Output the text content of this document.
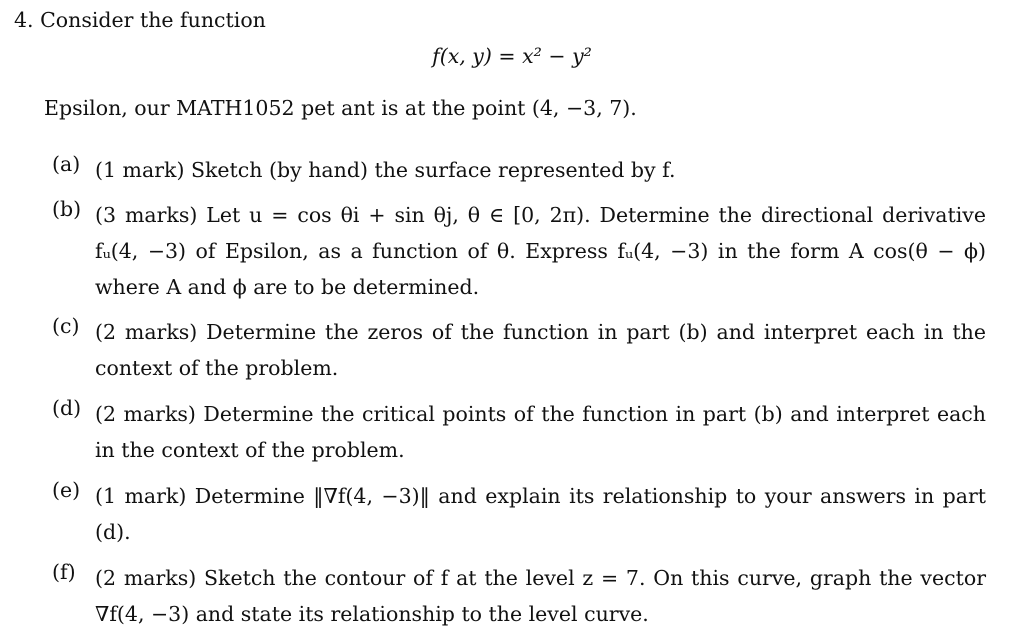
4. Consider the function
f(x, y) = x² − y²
Epsilon, our MATH1052 pet ant is at the point (4, −3, 7).
(a) (1 mark) Sketch (by hand) the surface represented by f.
(b) (3 marks) Let u = cos θi + sin θj, θ ∈ [0, 2π). Determine the directional derivative
fᵤ(4, −3) of Epsilon, as a function of θ. Express fᵤ(4, −3) in the form A cos(θ − ϕ)
where A and ϕ are to be determined.
(c) (2 marks) Determine the zeros of the function in part (b) and interpret each in the
context of the problem.
(d) (2 marks) Determine the critical points of the function in part (b) and interpret each
in the context of the problem.
(e) (1 mark) Determine ‖∇f(4, −3)‖ and explain its relationship to your answers in part
(d).
(f) (2 marks) Sketch the contour of f at the level z = 7. On this curve, graph the vector
∇f(4, −3) and state its relationship to the level curve.
